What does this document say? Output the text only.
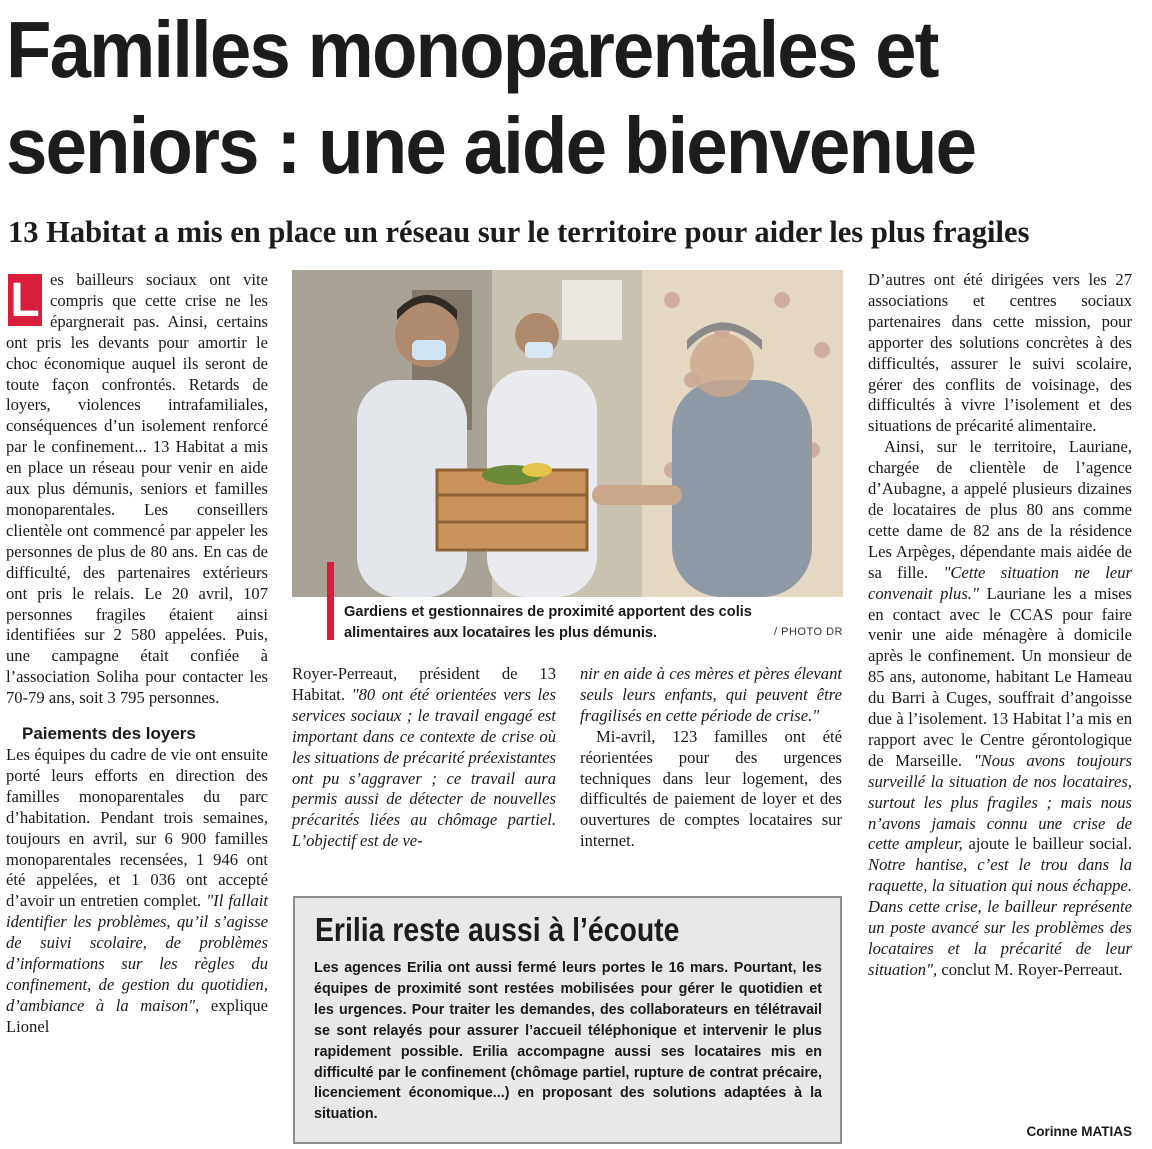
Familles monoparentales et
seniors : une aide bienvenue
13 Habitat a mis en place un réseau sur le territoire pour aider les plus fragiles

L es bailleurs sociaux ont vite compris que cette crise ne les épargnerait pas. Ainsi, certains ont pris les devants pour amortir le choc économique auquel ils seront de toute façon confrontés. Retards de loyers, violences intrafamiliales, conséquences d’un isolement renforcé par le confinement... 13 Habitat a mis en place un réseau pour venir en aide aux plus démunis, seniors et familles monoparentales. Les conseillers clientèle ont commencé par appeler les personnes de plus de 80 ans. En cas de difficulté, des partenaires extérieurs ont pris le relais. Le 20 avril, 107 personnes fragiles étaient ainsi identifiées sur 2 580 appelées. Puis, une campagne était confiée à l’association Soliha pour contacter les 70-79 ans, soit 3 795 personnes.

Paiements des loyers

Les équipes du cadre de vie ont ensuite porté leurs efforts en direction des familles monoparentales du parc d’habitation. Pendant trois semaines, toujours en avril, sur 6 900 familles monoparentales recensées, 1 946 ont été appelées, et 1 036 ont accepté d’avoir un entretien complet. "Il fallait identifier les problèmes, qu’il s’agisse de suivi scolaire, de problèmes d’informations sur les règles du confinement, de gestion du quotidien, d’ambiance à la maison", explique Lionel

Gardiens et gestionnaires de proximité apportent des colis
alimentaires aux locataires les plus démunis.	/ PHOTO DR

Royer-Perreaut, président de 13 Habitat. "80 ont été orientées vers les services sociaux ; le travail engagé est important dans ce contexte de crise où les situations de précarité préexistantes ont pu s’aggraver ; ce travail aura permis aussi de détecter de nouvelles précarités liées au chômage partiel. L’objectif est de ve-

nir en aide à ces mères et pères élevant seuls leurs enfants, qui peuvent être fragilisés en cette période de crise."

Mi-avril, 123 familles ont été réorientées pour des urgences techniques dans leur logement, des difficultés de paiement de loyer et des ouvertures de comptes locataires sur internet.

D’autres ont été dirigées vers les 27 associations et centres sociaux partenaires dans cette mission, pour apporter des solutions concrètes à des difficultés, assurer le suivi scolaire, gérer des conflits de voisinage, des difficultés à vivre l’isolement et des situations de précarité alimentaire.

Ainsi, sur le territoire, Lauriane, chargée de clientèle de l’agence d’Aubagne, a appelé plusieurs dizaines de locataires de plus 80 ans comme cette dame de 82 ans de la résidence Les Arpèges, dépendante mais aidée de sa fille. "Cette situation ne leur convenait plus." Lauriane les a mises en contact avec le CCAS pour faire venir une aide ménagère à domicile après le confinement. Un monsieur de 85 ans, autonome, habitant Le Hameau du Barri à Cuges, souffrait d’angoisse due à l’isolement. 13 Habitat l’a mis en rapport avec le Centre gérontologique de Marseille. "Nous avons toujours surveillé la situation de nos locataires, surtout les plus fragiles ; mais nous n’avons jamais connu une crise de cette ampleur, ajoute le bailleur social. Notre hantise, c’est le trou dans la raquette, la situation qui nous échappe. Dans cette crise, le bailleur représente un poste avancé sur les problèmes des locataires et la précarité de leur situation", conclut M. Royer-Perreaut.

Erilia reste aussi à l’écoute

Les agences Erilia ont aussi fermé leurs portes le 16 mars. Pourtant, les équipes de proximité sont restées mobilisées pour gérer le quotidien et les urgences. Pour traiter les demandes, des collaborateurs en télétravail se sont relayés pour assurer l’accueil téléphonique et intervenir le plus rapidement possible. Erilia accompagne aussi ses locataires mis en difficulté par le confinement (chômage partiel, rupture de contrat précaire, licenciement économique...) en proposant des solutions adaptées à la situation.

Corinne MATIAS
